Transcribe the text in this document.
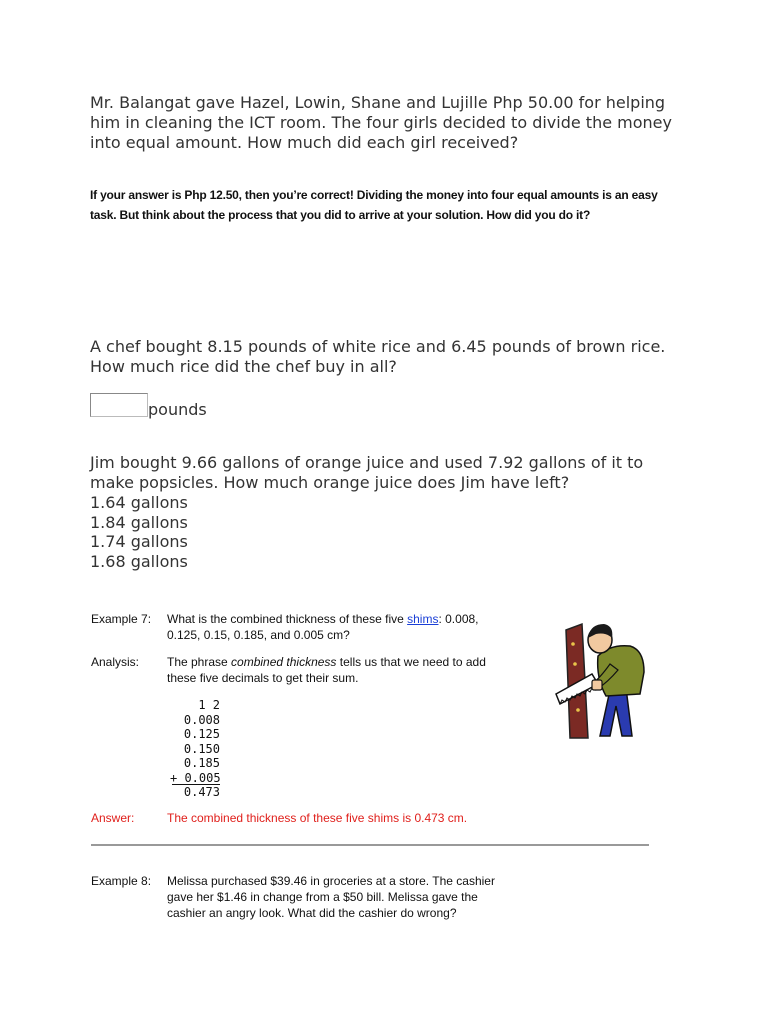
Mr. Balangat gave Hazel, Lowin, Shane and Lujille Php 50.00 for helping
him in cleaning the ICT room. The four girls decided to divide the money
into equal amount. How much did each girl received?
If your answer is Php 12.50, then you’re correct! Dividing the money into four equal amounts is an easy
task. But think about the process that you did to arrive at your solution. How did you do it?
A chef bought 8.15 pounds of white rice and 6.45 pounds of brown rice.
How much rice did the chef buy in all?
pounds
Jim bought 9.66 gallons of orange juice and used 7.92 gallons of it to
make popsicles. How much orange juice does Jim have left?
1.64 gallons
1.84 gallons
1.74 gallons
1.68 gallons
Example 7: What is the combined thickness of these five shims: 0.008,
0.125, 0.15, 0.185, and 0.005 cm?
Analysis: The phrase combined thickness tells us that we need to add
these five decimals to get their sum.
1 2
0.008
0.125
0.150
0.185
+ 0.005
0.473
Answer:	The combined thickness of these five shims is 0.473 cm.
Example 8: Melissa purchased $39.46 in groceries at a store. The cashier
gave her $1.46 in change from a $50 bill. Melissa gave the
cashier an angry look. What did the cashier do wrong?
